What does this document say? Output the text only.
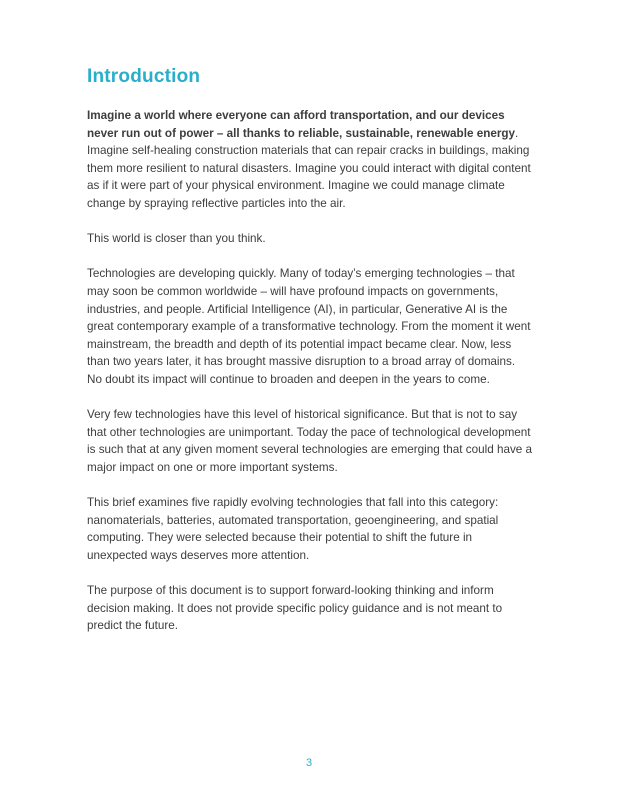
Introduction

Imagine a world where everyone can afford transportation, and our devices never run out of power – all thanks to reliable, sustainable, renewable energy. Imagine self-healing construction materials that can repair cracks in buildings, making them more resilient to natural disasters. Imagine you could interact with digital content as if it were part of your physical environment. Imagine we could manage climate change by spraying reflective particles into the air.

This world is closer than you think.

Technologies are developing quickly. Many of today’s emerging technologies – that may soon be common worldwide – will have profound impacts on governments, industries, and people. Artificial Intelligence (AI), in particular, Generative AI is the great contemporary example of a transformative technology. From the moment it went mainstream, the breadth and depth of its potential impact became clear. Now, less than two years later, it has brought massive disruption to a broad array of domains. No doubt its impact will continue to broaden and deepen in the years to come.

Very few technologies have this level of historical significance. But that is not to say that other technologies are unimportant. Today the pace of technological development is such that at any given moment several technologies are emerging that could have a major impact on one or more important systems.

This brief examines five rapidly evolving technologies that fall into this category: nanomaterials, batteries, automated transportation, geoengineering, and spatial computing. They were selected because their potential to shift the future in unexpected ways deserves more attention.

The purpose of this document is to support forward-looking thinking and inform decision making. It does not provide specific policy guidance and is not meant to predict the future.

3
